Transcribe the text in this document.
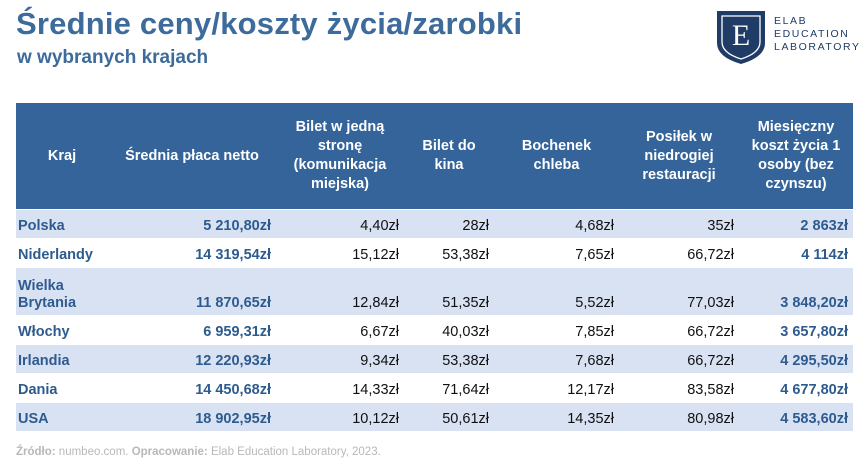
Średnie ceny/koszty życia/zarobki
w wybranych krajach
E ELAB
EDUCATION
LABORATORY
Kraj	Średnia płaca netto	Bilet w jedną stronę (komunikacja miejska)	Bilet do kina	Bochenek chleba	Posiłek w niedrogiej restauracji	Miesięczny koszt życia 1 osoby (bez czynszu)
Polska	5 210,80zł	4,40zł	28zł	4,68zł	35zł	2 863zł
Niderlandy	14 319,54zł	15,12zł	53,38zł	7,65zł	66,72zł	4 114zł
Wielka Brytania	11 870,65zł	12,84zł	51,35zł	5,52zł	77,03zł	3 848,20zł
Włochy	6 959,31zł	6,67zł	40,03zł	7,85zł	66,72zł	3 657,80zł
Irlandia	12 220,93zł	9,34zł	53,38zł	7,68zł	66,72zł	4 295,50zł
Dania	14 450,68zł	14,33zł	71,64zł	12,17zł	83,58zł	4 677,80zł
USA	18 902,95zł	10,12zł	50,61zł	14,35zł	80,98zł	4 583,60zł
Źródło: numbeo.com. Opracowanie: Elab Education Laboratory, 2023.
